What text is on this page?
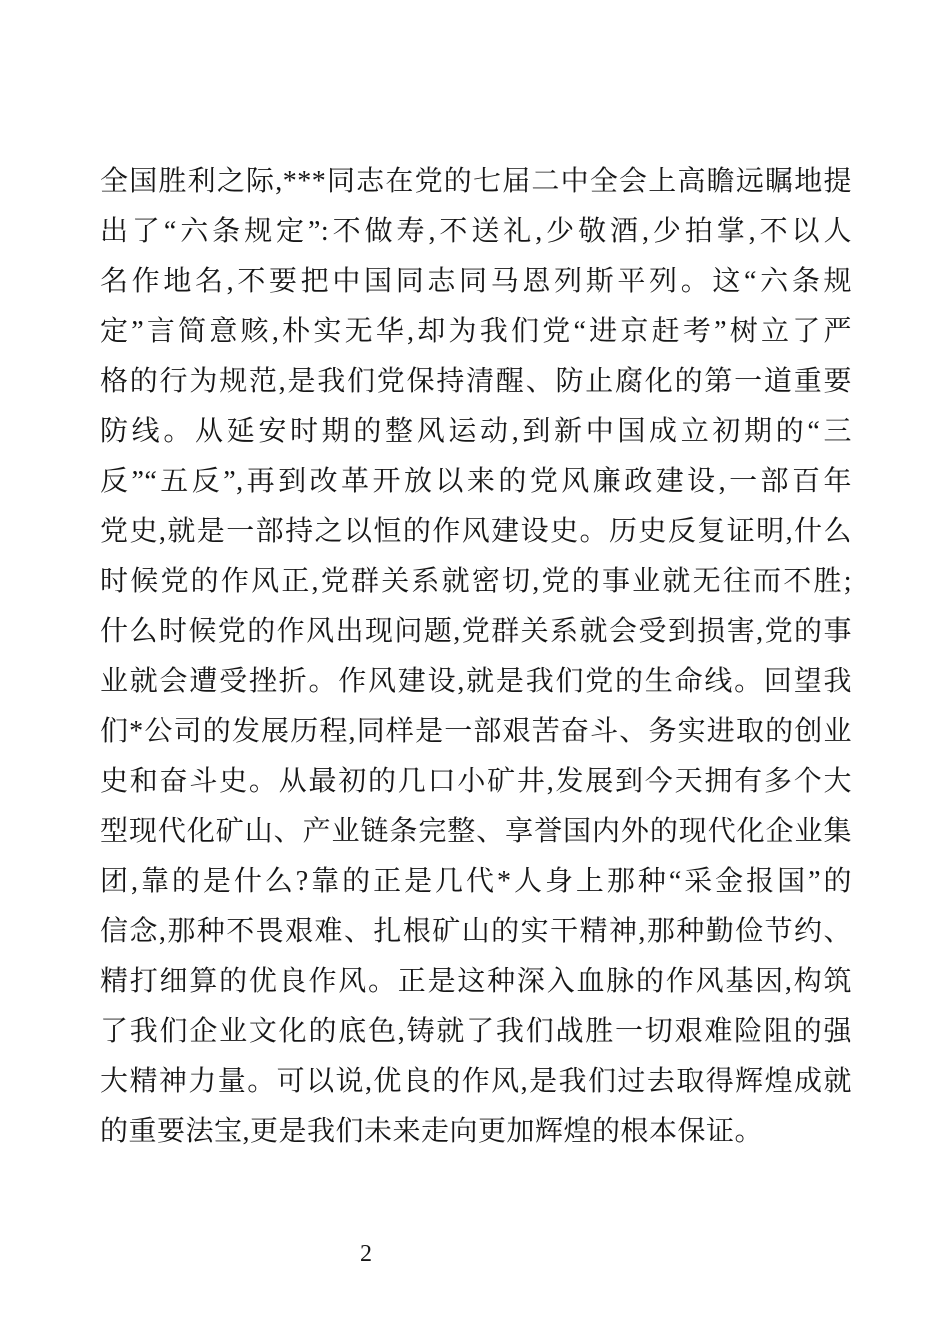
全国胜利之际,***同志在党的七届二中全会上高瞻远瞩地提
出了“六条规定”:不做寿,不送礼,少敬酒,少拍掌,不以人
名作地名,不要把中国同志同马恩列斯平列。这“六条规
定”言简意赅,朴实无华,却为我们党“进京赶考”树立了严
格的行为规范,是我们党保持清醒、防止腐化的第一道重要
防线。从延安时期的整风运动,到新中国成立初期的“三
反”“五反”,再到改革开放以来的党风廉政建设,一部百年
党史,就是一部持之以恒的作风建设史。历史反复证明,什么
时候党的作风正,党群关系就密切,党的事业就无往而不胜;
什么时候党的作风出现问题,党群关系就会受到损害,党的事
业就会遭受挫折。作风建设,就是我们党的生命线。回望我
们*公司的发展历程,同样是一部艰苦奋斗、务实进取的创业
史和奋斗史。从最初的几口小矿井,发展到今天拥有多个大
型现代化矿山、产业链条完整、享誉国内外的现代化企业集
团,靠的是什么?靠的正是几代*人身上那种“采金报国”的
信念,那种不畏艰难、扎根矿山的实干精神,那种勤俭节约、
精打细算的优良作风。正是这种深入血脉的作风基因,构筑
了我们企业文化的底色,铸就了我们战胜一切艰难险阻的强
大精神力量。可以说,优良的作风,是我们过去取得辉煌成就
的重要法宝,更是我们未来走向更加辉煌的根本保证。
2
